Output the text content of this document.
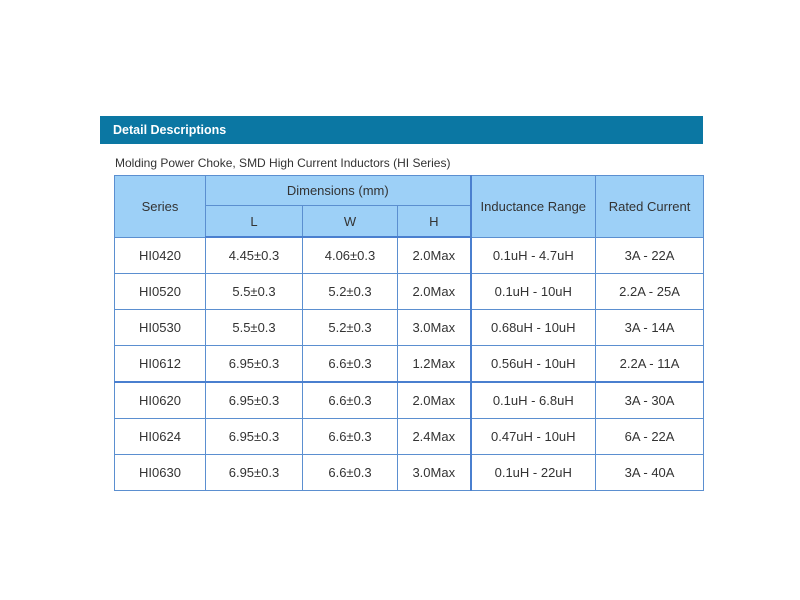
Detail Descriptions
Molding Power Choke, SMD High Current Inductors (HI Series)
Series	Dimensions (mm)			Inductance Range	Rated Current
	L	W	H		
HI0420	4.45±0.3	4.06±0.3	2.0Max	0.1uH - 4.7uH	3A - 22A
HI0520	5.5±0.3	5.2±0.3	2.0Max	0.1uH - 10uH	2.2A - 25A
HI0530	5.5±0.3	5.2±0.3	3.0Max	0.68uH - 10uH	3A - 14A
HI0612	6.95±0.3	6.6±0.3	1.2Max	0.56uH - 10uH	2.2A - 11A
HI0620	6.95±0.3	6.6±0.3	2.0Max	0.1uH - 6.8uH	3A - 30A
HI0624	6.95±0.3	6.6±0.3	2.4Max	0.47uH - 10uH	6A - 22A
HI0630	6.95±0.3	6.6±0.3	3.0Max	0.1uH - 22uH	3A - 40A
